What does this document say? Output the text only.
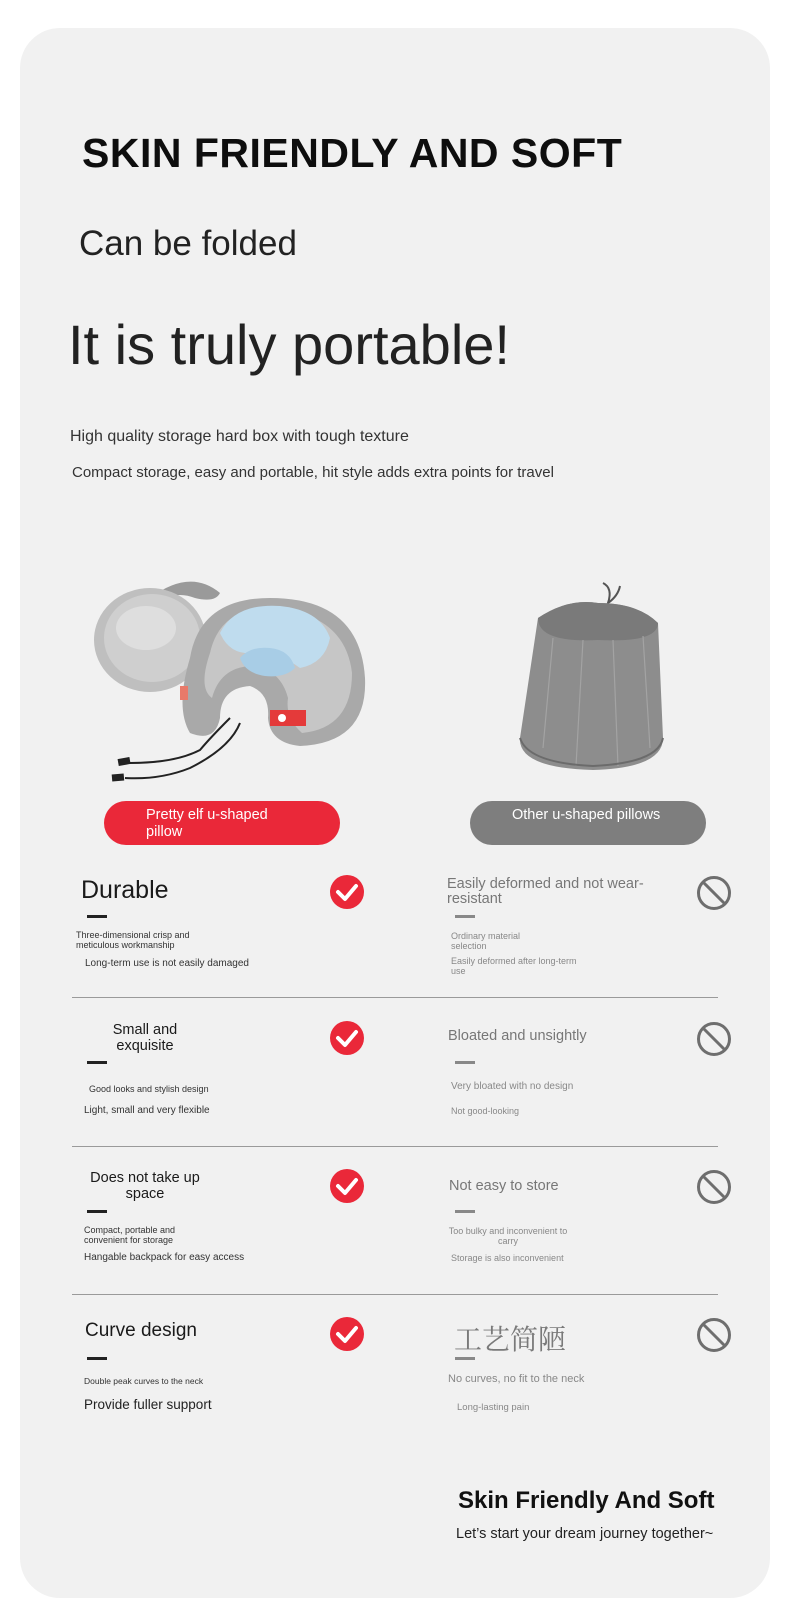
SKIN FRIENDLY AND SOFT
Can be folded
It is truly portable!
High quality storage hard box with tough texture
Compact storage, easy and portable, hit style adds extra points for travel
Pretty elf u-shaped pillow
Other u-shaped pillows
Durable
Three-dimensional crisp and meticulous workmanship
Long-term use is not easily damaged
Easily deformed and not wear-resistant
Ordinary material selection
Easily deformed after long-term use
Small and exquisite
Good looks and stylish design
Light, small and very flexible
Bloated and unsightly
Very bloated with no design
Not good-looking
Does not take up space
Compact, portable and convenient for storage
Hangable backpack for easy access
Not easy to store
Too bulky and inconvenient to carry
Storage is also inconvenient
Curve design
Double peak curves to the neck
Provide fuller support
工艺简陋
No curves, no fit to the neck
Long-lasting pain
Skin Friendly And Soft
Let’s start your dream journey together~
